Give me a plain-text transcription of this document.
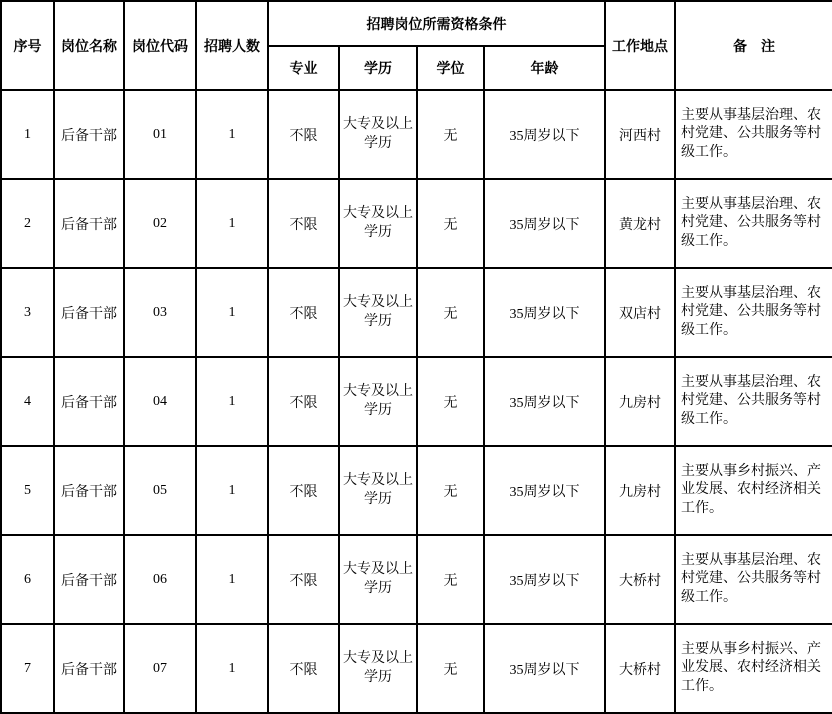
序号	岗位名称	岗位代码	招聘人数	招聘岗位所需资格条件				工作地点	备　注
				专业	学历	学位	年龄		
1	后备干部	01	1	不限	大专及以上学历	无	35周岁以下	河西村	主要从事基层治理、农村党建、公共服务等村级工作。
2	后备干部	02	1	不限	大专及以上学历	无	35周岁以下	黄龙村	主要从事基层治理、农村党建、公共服务等村级工作。
3	后备干部	03	1	不限	大专及以上学历	无	35周岁以下	双店村	主要从事基层治理、农村党建、公共服务等村级工作。
4	后备干部	04	1	不限	大专及以上学历	无	35周岁以下	九房村	主要从事基层治理、农村党建、公共服务等村级工作。
5	后备干部	05	1	不限	大专及以上学历	无	35周岁以下	九房村	主要从事乡村振兴、产业发展、农村经济相关工作。
6	后备干部	06	1	不限	大专及以上学历	无	35周岁以下	大桥村	主要从事基层治理、农村党建、公共服务等村级工作。
7	后备干部	07	1	不限	大专及以上学历	无	35周岁以下	大桥村	主要从事乡村振兴、产业发展、农村经济相关工作。
